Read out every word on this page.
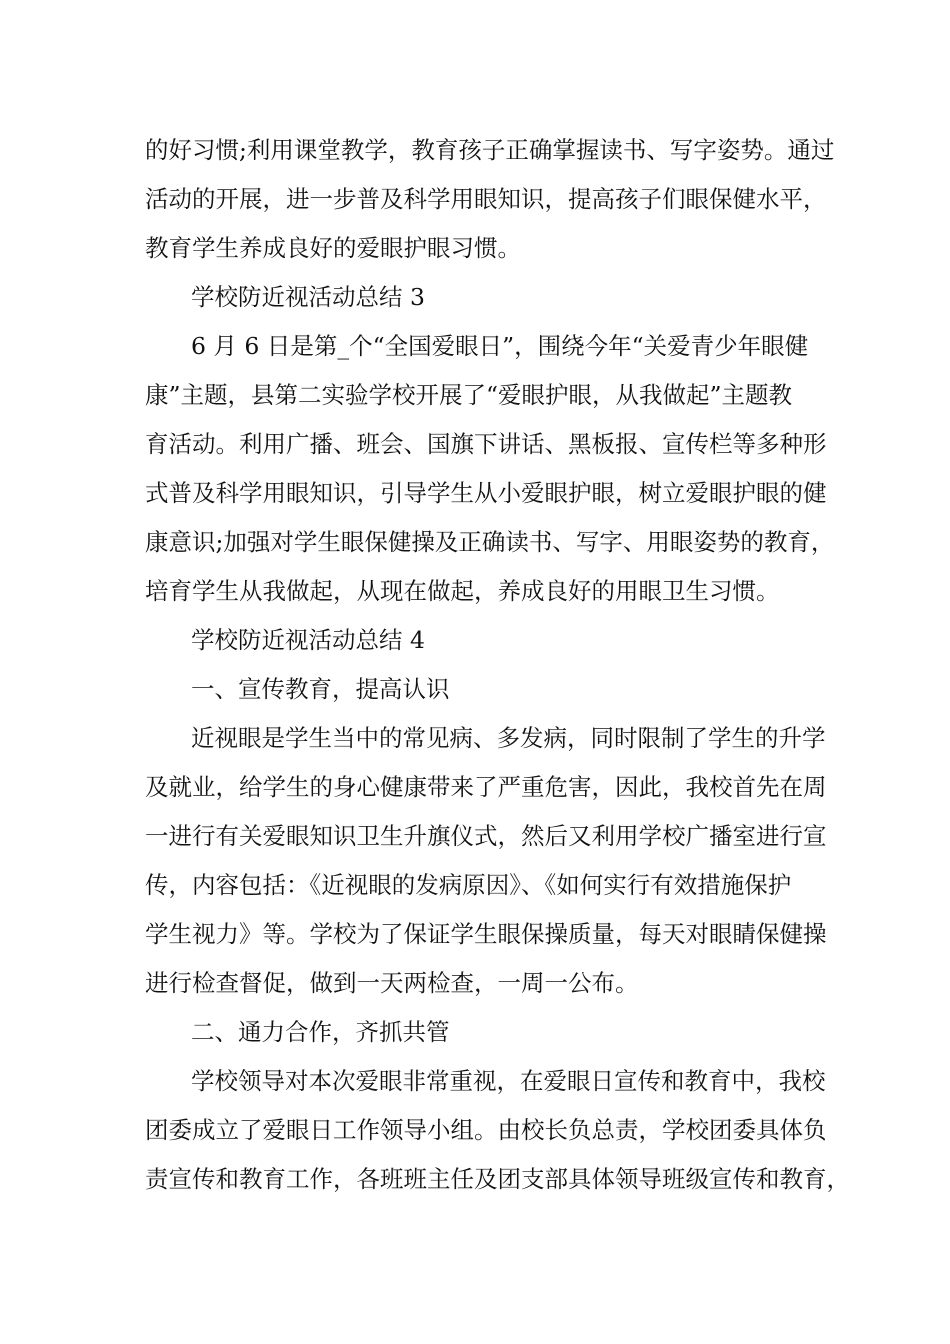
的好习惯;利用课堂教学，教育孩子正确掌握读书、写字姿势。通过
活动的开展，进一步普及科学用眼知识，提高孩子们眼保健水平，
教育学生养成良好的爱眼护眼习惯。
学校防近视活动总结 3
6 月 6 日是第_个“全国爱眼日”，围绕今年“关爱青少年眼健
康”主题，县第二实验学校开展了“爱眼护眼，从我做起”主题教
育活动。利用广播、班会、国旗下讲话、黑板报、宣传栏等多种形
式普及科学用眼知识，引导学生从小爱眼护眼，树立爱眼护眼的健
康意识;加强对学生眼保健操及正确读书、写字、用眼姿势的教育，
培育学生从我做起，从现在做起，养成良好的用眼卫生习惯。
学校防近视活动总结 4
一、宣传教育，提高认识
近视眼是学生当中的常见病、多发病，同时限制了学生的升学
及就业，给学生的身心健康带来了严重危害，因此，我校首先在周
一进行有关爱眼知识卫生升旗仪式，然后又利用学校广播室进行宣
传，内容包括：《近视眼的发病原因》、《如何实行有效措施保护
学生视力》等。学校为了保证学生眼保操质量，每天对眼睛保健操
进行检查督促，做到一天两检查，一周一公布。
二、通力合作，齐抓共管
学校领导对本次爱眼非常重视，在爱眼日宣传和教育中，我校
团委成立了爱眼日工作领导小组。由校长负总责，学校团委具体负
责宣传和教育工作，各班班主任及团支部具体领导班级宣传和教育，
